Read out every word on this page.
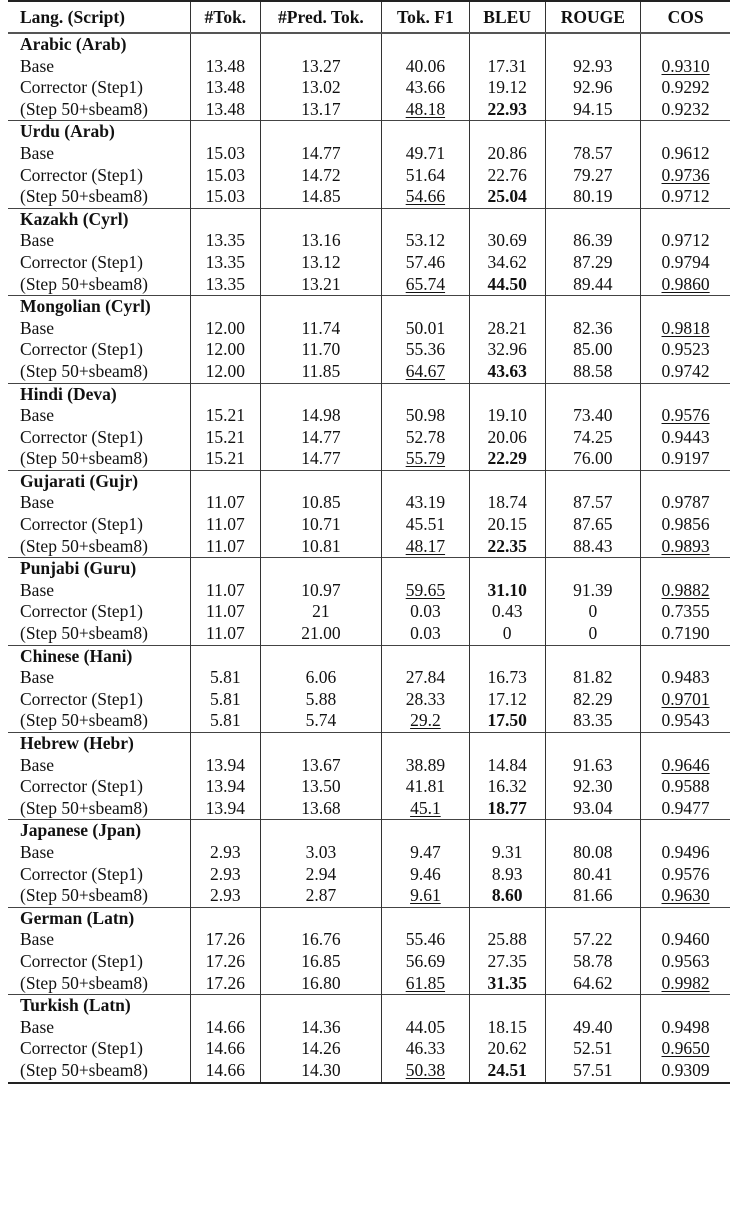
Lang. (Script)	#Tok.	#Pred. Tok.	Tok. F1	BLEU	ROUGE	COS
Arabic (Arab)						
Base	13.48	13.27	40.06	17.31	92.93	0.9310
Corrector (Step1)	13.48	13.02	43.66	19.12	92.96	0.9292
(Step 50+sbeam8)	13.48	13.17	48.18	22.93	94.15	0.9232
Urdu (Arab)						
Base	15.03	14.77	49.71	20.86	78.57	0.9612
Corrector (Step1)	15.03	14.72	51.64	22.76	79.27	0.9736
(Step 50+sbeam8)	15.03	14.85	54.66	25.04	80.19	0.9712
Kazakh (Cyrl)						
Base	13.35	13.16	53.12	30.69	86.39	0.9712
Corrector (Step1)	13.35	13.12	57.46	34.62	87.29	0.9794
(Step 50+sbeam8)	13.35	13.21	65.74	44.50	89.44	0.9860
Mongolian (Cyrl)						
Base	12.00	11.74	50.01	28.21	82.36	0.9818
Corrector (Step1)	12.00	11.70	55.36	32.96	85.00	0.9523
(Step 50+sbeam8)	12.00	11.85	64.67	43.63	88.58	0.9742
Hindi (Deva)						
Base	15.21	14.98	50.98	19.10	73.40	0.9576
Corrector (Step1)	15.21	14.77	52.78	20.06	74.25	0.9443
(Step 50+sbeam8)	15.21	14.77	55.79	22.29	76.00	0.9197
Gujarati (Gujr)						
Base	11.07	10.85	43.19	18.74	87.57	0.9787
Corrector (Step1)	11.07	10.71	45.51	20.15	87.65	0.9856
(Step 50+sbeam8)	11.07	10.81	48.17	22.35	88.43	0.9893
Punjabi (Guru)						
Base	11.07	10.97	59.65	31.10	91.39	0.9882
Corrector (Step1)	11.07	21	0.03	0.43	0	0.7355
(Step 50+sbeam8)	11.07	21.00	0.03	0	0	0.7190
Chinese (Hani)						
Base	5.81	6.06	27.84	16.73	81.82	0.9483
Corrector (Step1)	5.81	5.88	28.33	17.12	82.29	0.9701
(Step 50+sbeam8)	5.81	5.74	29.2	17.50	83.35	0.9543
Hebrew (Hebr)						
Base	13.94	13.67	38.89	14.84	91.63	0.9646
Corrector (Step1)	13.94	13.50	41.81	16.32	92.30	0.9588
(Step 50+sbeam8)	13.94	13.68	45.1	18.77	93.04	0.9477
Japanese (Jpan)						
Base	2.93	3.03	9.47	9.31	80.08	0.9496
Corrector (Step1)	2.93	2.94	9.46	8.93	80.41	0.9576
(Step 50+sbeam8)	2.93	2.87	9.61	8.60	81.66	0.9630
German (Latn)						
Base	17.26	16.76	55.46	25.88	57.22	0.9460
Corrector (Step1)	17.26	16.85	56.69	27.35	58.78	0.9563
(Step 50+sbeam8)	17.26	16.80	61.85	31.35	64.62	0.9982
Turkish (Latn)						
Base	14.66	14.36	44.05	18.15	49.40	0.9498
Corrector (Step1)	14.66	14.26	46.33	20.62	52.51	0.9650
(Step 50+sbeam8)	14.66	14.30	50.38	24.51	57.51	0.9309
